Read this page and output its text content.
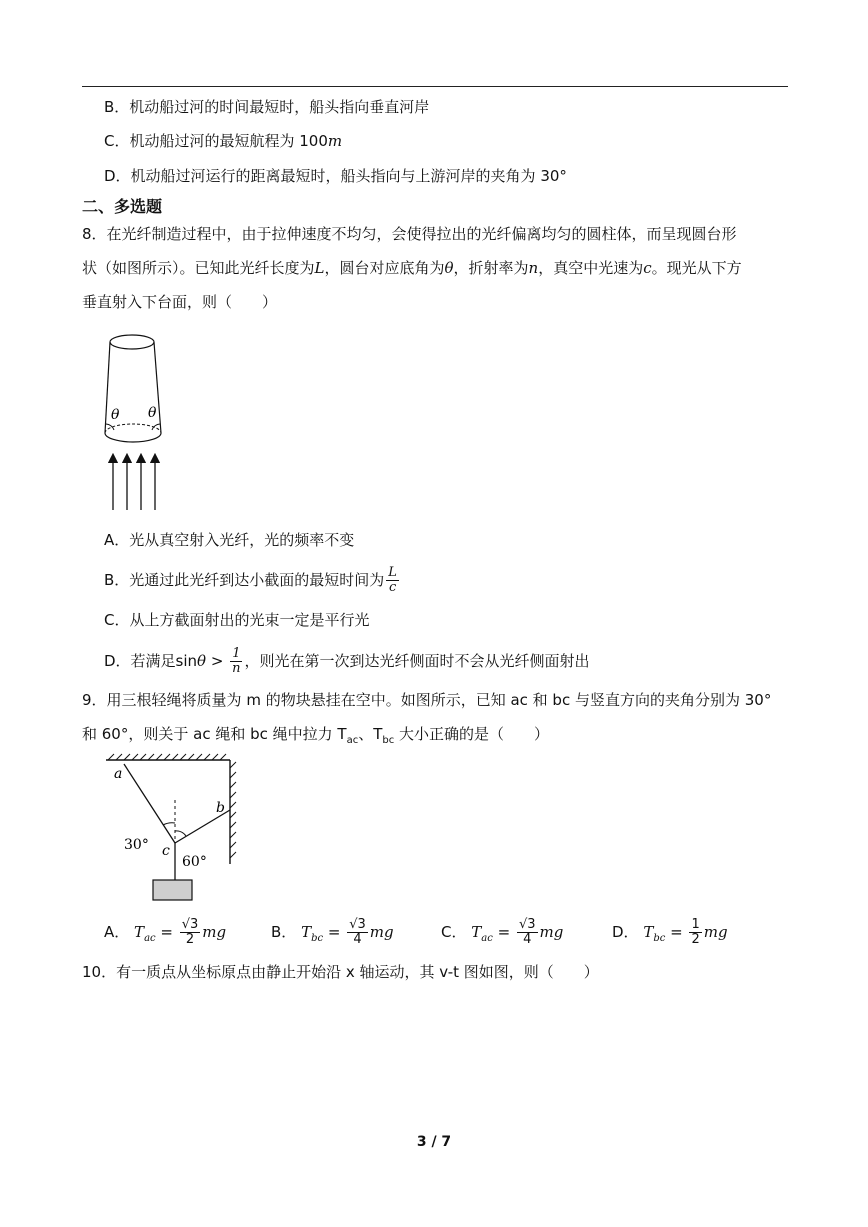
B．机动船过河的时间最短时，船头指向垂直河岸
C．机动船过河的最短航程为 100m
D．机动船过河运行的距离最短时，船头指向与上游河岸的夹角为 30°
二、多选题
8．在光纤制造过程中，由于拉伸速度不均匀，会使得拉出的光纤偏离均匀的圆柱体，而呈现圆台形
状（如图所示）。已知此光纤长度为L，圆台对应底角为θ，折射率为n，真空中光速为c。现光从下方
垂直射入下台面，则（　　）
θ θ
A．光从真空射入光纤，光的频率不变
B．光通过此光纤到达小截面的最短时间为 $\frac{L}{c}$
C．从上方截面射出的光束一定是平行光
D．若满足$\sin\theta > \frac{1}{n}$ ，则光在第一次到达光纤侧面时不会从光纤侧面射出
9．用三根轻绳将质量为 m 的物块悬挂在空中。如图所示，已知 ac 和 bc 与竖直方向的夹角分别为 30°
和 60°，则关于 ac 绳和 bc 绳中拉力 $T_{ac}$、$T_{bc}$ 大小正确的是（　　）
a
b
c
30°
60°
A． $T_{ac} = \frac{√3}{2}$ mg	B． $T_{bc} = \frac{√3}{4}$ mg	C． $T_{ac} = \frac{√3}{4}$ mg	D． $T_{bc} = \frac{1}{2}$ mg
10．有一质点从坐标原点由静止开始沿 x 轴运动，其 v-t 图如图，则（　　）
3 / 7
